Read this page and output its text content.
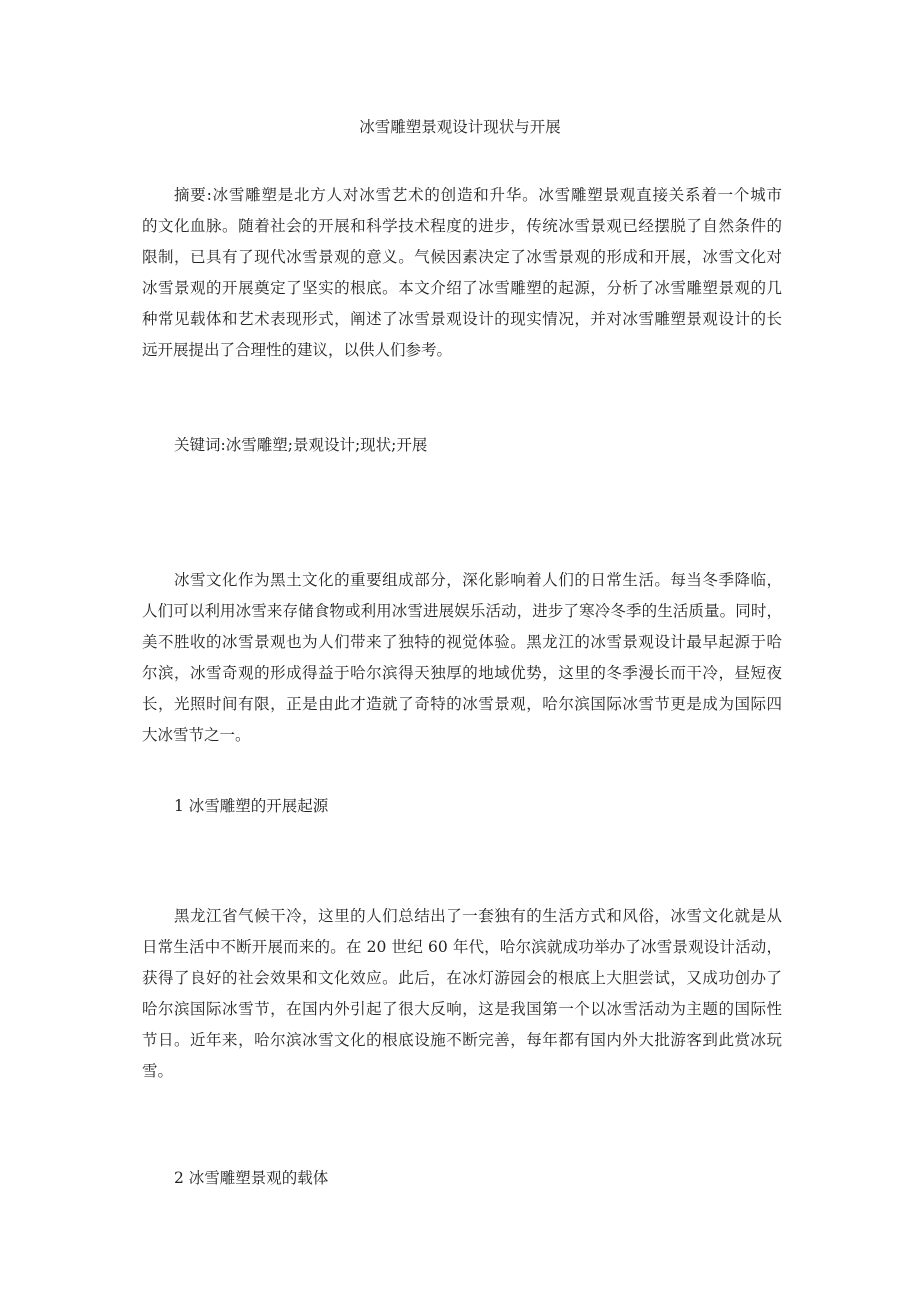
冰雪雕塑景观设计现状与开展
摘要:冰雪雕塑是北方人对冰雪艺术的创造和升华。冰雪雕塑景观直接关系着一个城市
的文化血脉。随着社会的开展和科学技术程度的进步，传统冰雪景观已经摆脱了自然条件的
限制，已具有了现代冰雪景观的意义。气候因素决定了冰雪景观的形成和开展，冰雪文化对
冰雪景观的开展奠定了坚实的根底。本文介绍了冰雪雕塑的起源，分析了冰雪雕塑景观的几
种常见载体和艺术表现形式，阐述了冰雪景观设计的现实情况，并对冰雪雕塑景观设计的长
远开展提出了合理性的建议，以供人们参考。
关键词:冰雪雕塑;景观设计;现状;开展
冰雪文化作为黑土文化的重要组成部分，深化影响着人们的日常生活。每当冬季降临，
人们可以利用冰雪来存储食物或利用冰雪进展娱乐活动，进步了寒冷冬季的生活质量。同时，
美不胜收的冰雪景观也为人们带来了独特的视觉体验。黑龙江的冰雪景观设计最早起源于哈
尔滨，冰雪奇观的形成得益于哈尔滨得天独厚的地域优势，这里的冬季漫长而干冷，昼短夜
长，光照时间有限，正是由此才造就了奇特的冰雪景观，哈尔滨国际冰雪节更是成为国际四
大冰雪节之一。
1 冰雪雕塑的开展起源
黑龙江省气候干冷，这里的人们总结出了一套独有的生活方式和风俗，冰雪文化就是从
日常生活中不断开展而来的。在 20 世纪 60 年代，哈尔滨就成功举办了冰雪景观设计活动，
获得了良好的社会效果和文化效应。此后，在冰灯游园会的根底上大胆尝试，又成功创办了
哈尔滨国际冰雪节，在国内外引起了很大反响，这是我国第一个以冰雪活动为主题的国际性
节日。近年来，哈尔滨冰雪文化的根底设施不断完善，每年都有国内外大批游客到此赏冰玩
雪。
2 冰雪雕塑景观的载体
